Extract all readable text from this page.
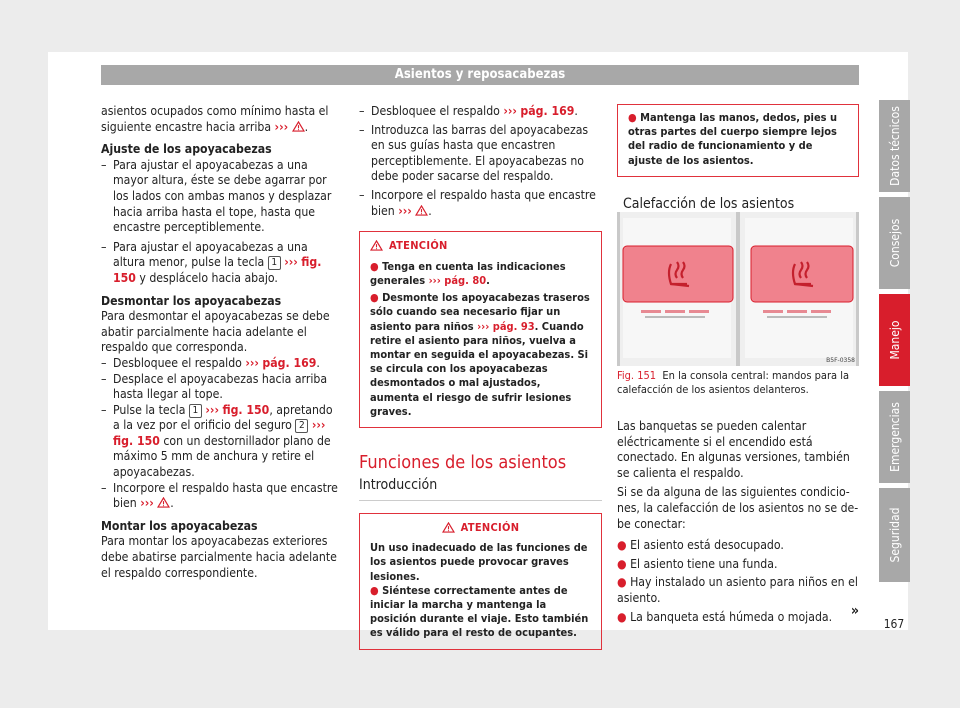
Asientos y reposacabezas

asientos ocupados como mínimo hasta el siguiente encastre hacia arriba ››› .

Ajuste de los apoyacabezas

– Para ajustar el apoyacabezas a una mayor altura, éste se debe agarrar por los lados con ambas manos y desplazar hacia arriba hasta el tope, hasta que encastre perceptiblemente.

– Para ajustar el apoyacabezas a una altura menor, pulse la tecla 1 ››› fig. 150 y desplácelo hacia abajo.

Desmontar los apoyacabezas

Para desmontar el apoyacabezas se debe abatir parcialmente hacia adelante el respaldo que corresponda.

– Desbloquee el respaldo ››› pág. 169.

– Desplace el apoyacabezas hacia arriba hasta llegar al tope.

– Pulse la tecla 1 ››› fig. 150, apretando a la vez por el orificio del seguro 2 ››› fig. 150 con un destornillador plano de máximo 5 mm de anchura y retire el apoyacabezas.

– Incorpore el respaldo hasta que encastre bien ››› .

Montar los apoyacabezas

Para montar los apoyacabezas exteriores debe abatirse parcialmente hacia adelante el respaldo correspondiente.

– Desbloquee el respaldo ››› pág. 169.

– Introduzca las barras del apoyacabezas en sus guías hasta que encastren perceptiblemente. El apoyacabezas no debe poder sacarse del respaldo.

– Incorpore el respaldo hasta que encastre bien ››› .

ATENCIÓN

● Tenga en cuenta las indicaciones generales ››› pág. 80.

● Desmonte los apoyacabezas traseros sólo cuando sea necesario fijar un asiento para niños ››› pág. 93. Cuando retire el asiento para niños, vuelva a montar en seguida el apoyacabezas. Si se circula con los apoyacabezas desmontados o mal ajustados, aumenta el riesgo de sufrir lesiones graves.

Funciones de los asientos
Introducción
ATENCIÓN

Un uso inadecuado de las funciones de los asientos puede provocar graves lesiones.

● Siéntese correctamente antes de iniciar la marcha y mantenga la posición durante el viaje. Esto también es válido para el resto de ocupantes.

● Mantenga las manos, dedos, pies u otras partes del cuerpo siempre lejos del radio de funcionamiento y de ajuste de los asientos.

Calefacción de los asientos
B5F-0358

Fig. 151 En la consola central: mandos para la calefacción de los asientos delanteros.

Las banquetas se pueden calentar eléctricamente si el encendido está conectado. En algunas versiones, también se calienta el respaldo.

Si se da alguna de las siguientes condiciones, la calefacción de los asientos no se debe conectar:

● El asiento está desocupado.

● El asiento tiene una funda.

● Hay instalado un asiento para niños en el asiento.

● La banqueta está húmeda o mojada. »

Datos técnicos
Consejos
Manejo
Emergencias
Seguridad
167
